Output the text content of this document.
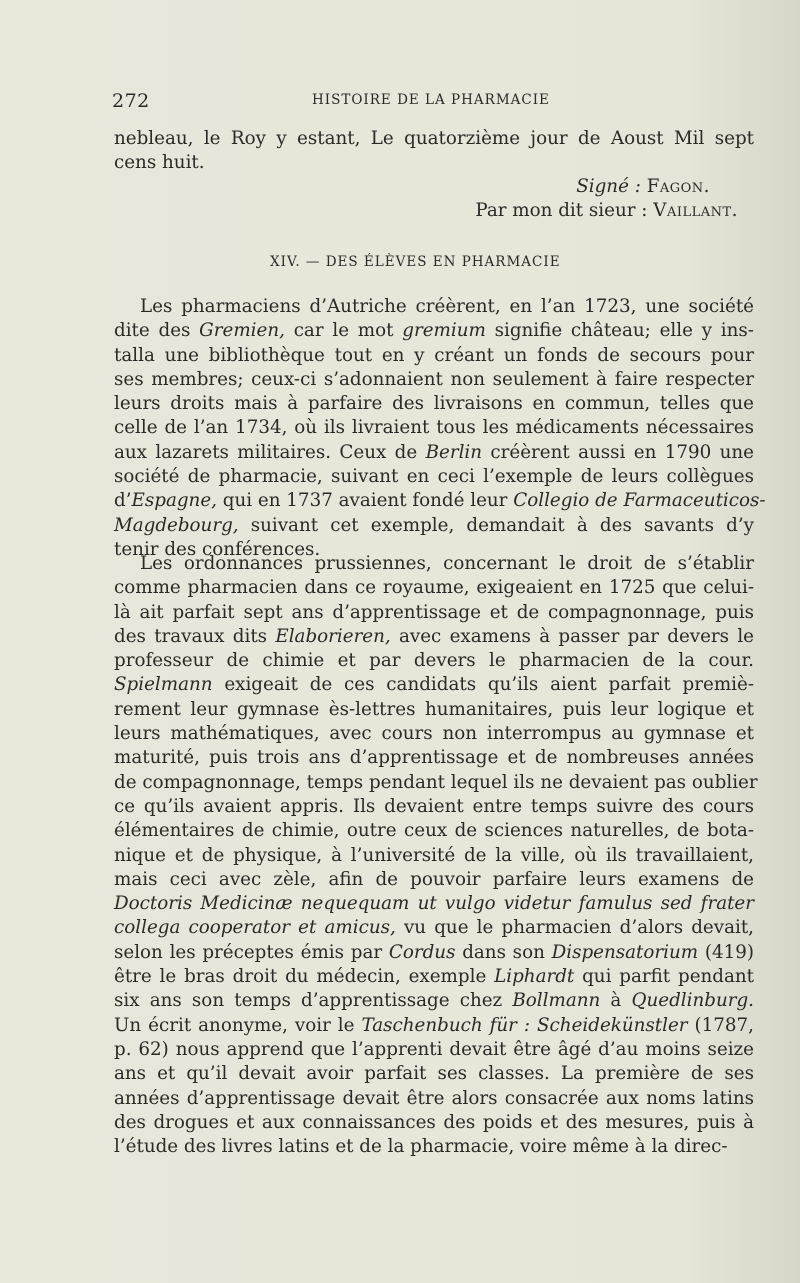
272	HISTOIRE DE LA PHARMACIE
nebleau, le Roy y estant, Le quatorzième jour de Aoust Mil sept
cens huit.
Signé : Fagon.
Par mon dit sieur : Vaillant.
XIV. — DES ÉLÈVES EN PHARMACIE
Les pharmaciens d’Autriche créèrent, en l’an 1723, une société
dite des Gremien, car le mot gremium signifie château; elle y ins-
talla une bibliothèque tout en y créant un fonds de secours pour
ses membres; ceux-ci s’adonnaient non seulement à faire respecter
leurs droits mais à parfaire des livraisons en commun, telles que
celle de l’an 1734, où ils livraient tous les médicaments nécessaires
aux lazarets militaires. Ceux de Berlin créèrent aussi en 1790 une
société de pharmacie, suivant en ceci l’exemple de leurs collègues
d’Espagne, qui en 1737 avaient fondé leur Collegio de Farmaceuticos-
Magdebourg, suivant cet exemple, demandait à des savants d’y
tenir des conférences.
Les ordonnances prussiennes, concernant le droit de s’établir
comme pharmacien dans ce royaume, exigeaient en 1725 que celui-
là ait parfait sept ans d’apprentissage et de compagnonnage, puis
des travaux dits Elaborieren, avec examens à passer par devers le
professeur de chimie et par devers le pharmacien de la cour.
Spielmann exigeait de ces candidats qu’ils aient parfait premiè-
rement leur gymnase ès-lettres humanitaires, puis leur logique et
leurs mathématiques, avec cours non interrompus au gymnase et
maturité, puis trois ans d’apprentissage et de nombreuses années
de compagnonnage, temps pendant lequel ils ne devaient pas oublier
ce qu’ils avaient appris. Ils devaient entre temps suivre des cours
élémentaires de chimie, outre ceux de sciences naturelles, de bota-
nique et de physique, à l’université de la ville, où ils travaillaient,
mais ceci avec zèle, afin de pouvoir parfaire leurs examens de
Doctoris Medicinæ nequequam ut vulgo videtur famulus sed frater
collega cooperator et amicus, vu que le pharmacien d’alors devait,
selon les préceptes émis par Cordus dans son Dispensatorium (419)
être le bras droit du médecin, exemple Liphardt qui parfit pendant
six ans son temps d’apprentissage chez Bollmann à Quedlinburg.
Un écrit anonyme, voir le Taschenbuch für : Scheidekünstler (1787,
p. 62) nous apprend que l’apprenti devait être âgé d’au moins seize
ans et qu’il devait avoir parfait ses classes. La première de ses
années d’apprentissage devait être alors consacrée aux noms latins
des drogues et aux connaissances des poids et des mesures, puis à
l’étude des livres latins et de la pharmacie, voire même à la direc-
